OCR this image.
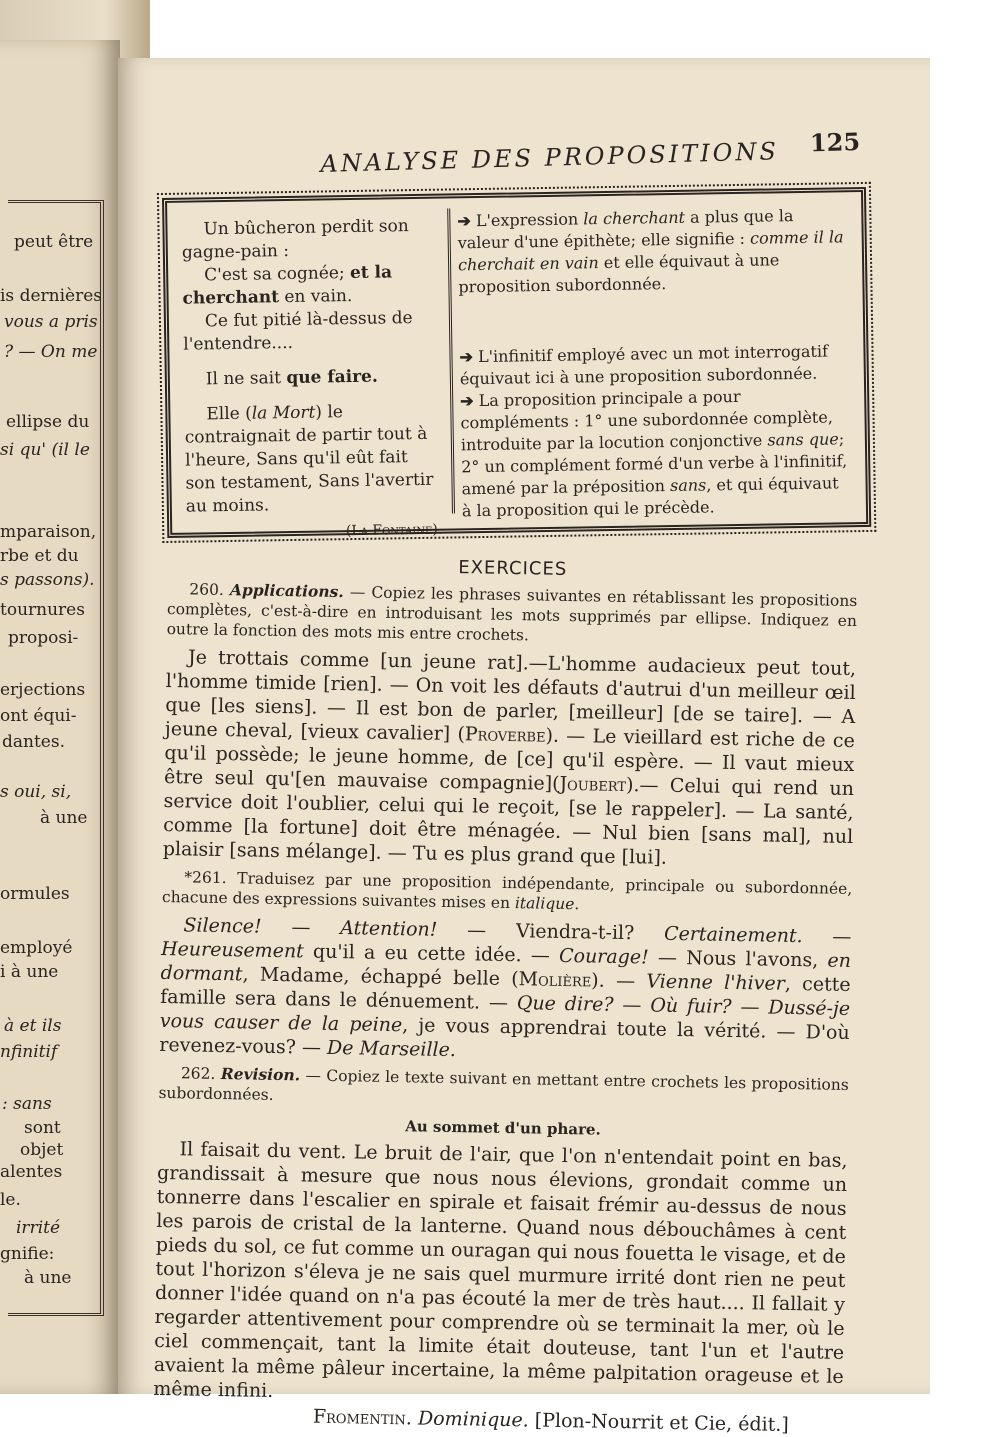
peut être
is dernières
vous a pris
? — On me
ellipse du
si qu' (il le
mparaison,
rbe et du
s passons).
tournures
proposi-
erjections
ont équi-
dantes.
s oui, si,
à une
ormules
employé
i à une
à et ils
nfinitif
: sans
sont
objet
alentes
le.
irrité
gnifie:
à une
ANALYSE DES PROPOSITIONS 125

Un bûcheron perdit son gagne-pain :

C'est sa cognée; et la cherchant en vain.

Ce fut pitié là-dessus de l'entendre....

Il ne sait que faire.

Elle (la Mort) le contraignait de partir tout à l'heure, Sans qu'il eût fait son testament, Sans l'avertir au moins.

(La Fontaine).

➔ L'expression la cherchant a plus que la valeur d'une épithète; elle signifie : comme il la cherchait en vain et elle équivaut à une proposition subordonnée.

➔ L'infinitif employé avec un mot interrogatif équivaut ici à une proposition subordonnée.

➔ La proposition principale a pour compléments : 1° une subordonnée complète, introduite par la locution conjonctive sans que; 2° un complément formé d'un verbe à l'infinitif, amené par la préposition sans, et qui équivaut à la proposition qui le précède.

EXERCICES

260. Applications. — Copiez les phrases suivantes en rétablissant les propositions complètes, c'est-à-dire en introduisant les mots supprimés par ellipse. Indiquez en outre la fonction des mots mis entre crochets.

Je trottais comme [un jeune rat].—L'homme audacieux peut tout, l'homme timide [rien]. — On voit les défauts d'autrui d'un meilleur œil que [les siens]. — Il est bon de parler, [meilleur] [de se taire]. — A jeune cheval, [vieux cavalier] (Proverbe). — Le vieillard est riche de ce qu'il possède; le jeune homme, de [ce] qu'il espère. — Il vaut mieux être seul qu'[en mauvaise compagnie](Joubert).— Celui qui rend un service doit l'oublier, celui qui le reçoit, [se le rappeler]. — La santé, comme [la fortune] doit être ménagée. — Nul bien [sans mal], nul plaisir [sans mélange]. — Tu es plus grand que [lui].

*261. Traduisez par une proposition indépendante, principale ou subordonnée, chacune des expressions suivantes mises en italique.

Silence! — Attention! — Viendra-t-il? Certainement. — Heureusement qu'il a eu cette idée. — Courage! — Nous l'avons, en dormant, Madame, échappé belle (Molière). — Vienne l'hiver, cette famille sera dans le dénuement. — Que dire? — Où fuir? — Dussé-je vous causer de la peine, je vous apprendrai toute la vérité. — D'où revenez-vous? — De Marseille.

262. Revision. — Copiez le texte suivant en mettant entre crochets les propositions subordonnées.

Au sommet d'un phare.

Il faisait du vent. Le bruit de l'air, que l'on n'entendait point en bas, grandissait à mesure que nous nous élevions, grondait comme un tonnerre dans l'escalier en spirale et faisait frémir au-dessus de nous les parois de cristal de la lanterne. Quand nous débouchâmes à cent pieds du sol, ce fut comme un ouragan qui nous fouetta le visage, et de tout l'horizon s'éleva je ne sais quel murmure irrité dont rien ne peut donner l'idée quand on n'a pas écouté la mer de très haut.... Il fallait y regarder attentivement pour comprendre où se terminait la mer, où le ciel commençait, tant la limite était douteuse, tant l'un et l'autre avaient la même pâleur incertaine, la même palpitation orageuse et le même infini.

Fromentin. Dominique. [Plon-Nourrit et Cie, édit.]
